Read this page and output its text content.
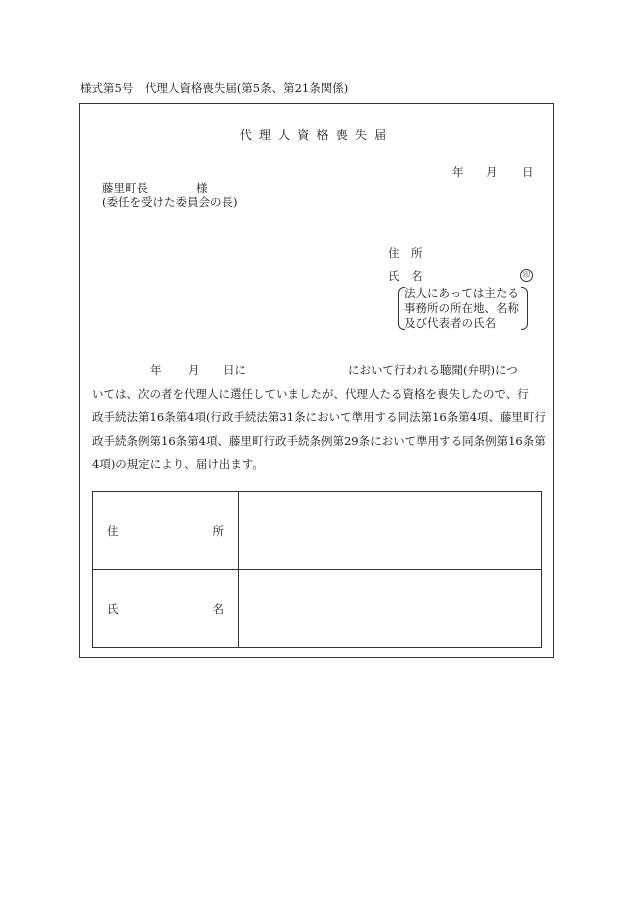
様式第5号　代理人資格喪失届(第5条、第21条関係)
代理人資格喪失届
年 月 日
藤里町長	様
(委任を受けた委員会の長)
住　所
氏　名	印
法人にあっては主たる
事務所の所在地、名称
及び代表者の氏名
年 月 日に	において行われる聴聞(弁明)につ
いては、次の者を代理人に選任していましたが、代理人たる資格を喪失したので、行
政手続法第16条第4項(行政手続法第31条において準用する同法第16条第4項、藤里町行
政手続条例第16条第4項、藤里町行政手続条例第29条において準用する同条例第16条第
4項)の規定により、届け出ます。
住 所	

氏 名	
